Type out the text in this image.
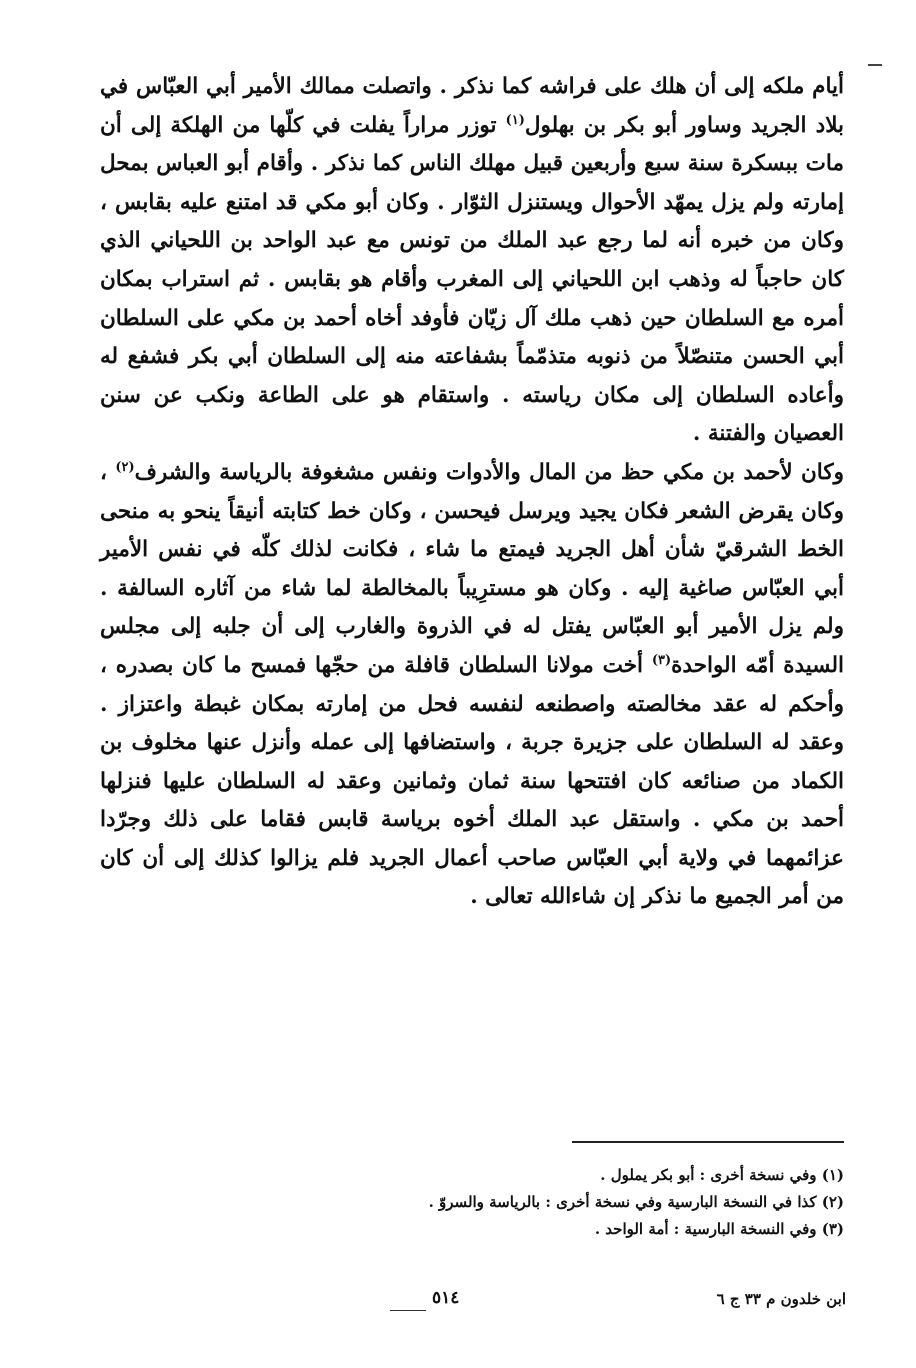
أيام ملكه إلى أن هلك على فراشه كما نذكر . واتصلت ممالك الأمير أبي العبّاس في بلاد الجريد وساور أبو بكر بن بهلول$^{(١)}$ توزر مراراً يفلت في كلّها من الهلكة إلى أن مات ببسكرة سنة سبع وأربعين قبيل مهلك الناس كما نذكر . وأقام أبو العباس بمحل إمارته ولم يزل يمهّد الأحوال ويستنزل الثوّار . وكان أبو مكي قد امتنع عليه بقابس ، وكان من خبره أنه لما رجع عبد الملك من تونس مع عبد الواحد بن اللحياني الذي كان حاجباً له وذهب ابن اللحياني إلى المغرب وأقام هو بقابس . ثم استراب بمكان أمره مع السلطان حين ذهب ملك آل زيّان فأوفد أخاه أحمد بن مكي على السلطان أبي الحسن متنصّلاً من ذنوبه متذمّماً بشفاعته منه إلى السلطان أبي بكر فشفع له وأعاده السلطان إلى مكان رياسته . واستقام هو على الطاعة ونكب عن سنن العصيان والفتنة .

وكان لأحمد بن مكي حظ من المال والأدوات ونفس مشغوفة بالرياسة والشرف$^{(٢)}$ ، وكان يقرض الشعر فكان يجيد ويرسل فيحسن ، وكان خط كتابته أنيقاً ينحو به منحى الخط الشرقيّ شأن أهل الجريد فيمتع ما شاء ، فكانت لذلك كلّه في نفس الأمير أبي العبّاس صاغية إليه . وكان هو مسترِيباً بالمخالطة لما شاء من آثاره السالفة . ولم يزل الأمير أبو العبّاس يفتل له في الذروة والغارب إلى أن جلبه إلى مجلس السيدة أمّه الواحدة$^{(٣)}$ أخت مولانا السلطان قافلة من حجّها فمسح ما كان بصدره ، وأحكم له عقد مخالصته واصطنعه لنفسه فحل من إمارته بمكان غبطة واعتزاز . وعقد له السلطان على جزيرة جربة ، واستضافها إلى عمله وأنزل عنها مخلوف بن الكماد من صنائعه كان افتتحها سنة ثمان وثمانين وعقد له السلطان عليها فنزلها أحمد بن مكي . واستقل عبد الملك أخوه برياسة قابس فقاما على ذلك وجرّدا عزائمهما في ولاية أبي العبّاس صاحب أعمال الجريد فلم يزالوا كذلك إلى أن كان من أمر الجميع ما نذكر إن شاءالله تعالى .

(١) وفي نسخة أخرى : أبو بكر يملول .

(٢) كذا في النسخة البارسية وفي نسخة أخرى : بالرياسة والسروّ .

(٣) وفي النسخة البارسية : أمة الواحد .

ابن خلدون م ٣٣ ج ٦
٥١٤
